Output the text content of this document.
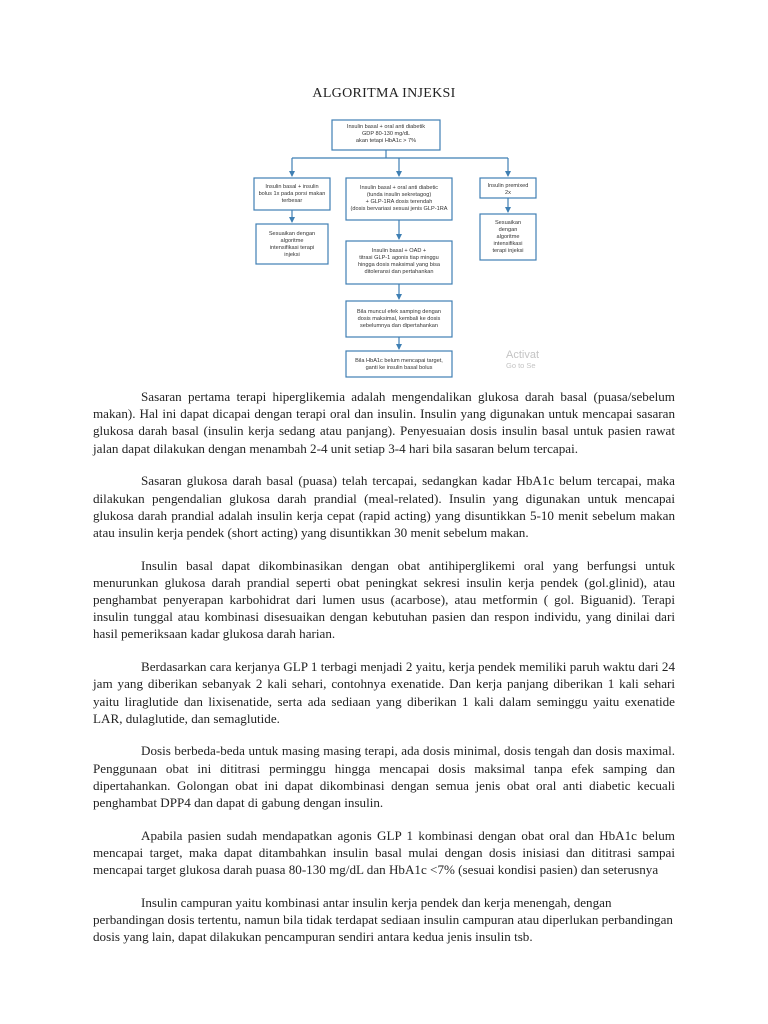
ALGORITMA INJEKSI
Insulin basal + oral anti diabetik
GDP 80-130 mg/dL
akan tetapi HbA1c > 7%
Insulin basal + insulin
bolus 1x pada porsi makan
terbesar
Insulin basal + oral anti diabetic
(tunda insulin sekretagog)
+ GLP-1RA dosis terendah
(dosis bervariasi sesuai jenis GLP-1RA
Insulin premixed
2x
Sesuaikan dengan
algoritme
intensifikasi terapi
injeksi
Sesuaikan
dengan
algoritme
intensifikasi
terapi injeksi
Insulin basal + OAD +
titrasi GLP-1 agonis tiap minggu
hingga dosis maksimal yang bisa
ditoleransi dan pertahankan
Bila muncul efek samping dengan
dosis maksimal, kembali ke dosis
sebelumnya dan dipertahankan
Bila HbA1c belum mencapai target,
ganti ke insulin basal bolus
Activat
Go to Se

Sasaran pertama terapi hiperglikemia adalah mengendalikan glukosa darah basal (puasa/sebelum makan). Hal ini dapat dicapai dengan terapi oral dan insulin. Insulin yang digunakan untuk mencapai sasaran glukosa darah basal (insulin kerja sedang atau panjang). Penyesuaian dosis insulin basal untuk pasien rawat jalan dapat dilakukan dengan menambah 2-4 unit setiap 3-4 hari bila sasaran belum tercapai.

Sasaran glukosa darah basal (puasa) telah tercapai, sedangkan kadar HbA1c belum tercapai, maka dilakukan pengendalian glukosa darah prandial (meal-related). Insulin yang digunakan untuk mencapai glukosa darah prandial adalah insulin kerja cepat (rapid acting) yang disuntikkan 5-10 menit sebelum makan atau insulin kerja pendek (short acting) yang disuntikkan 30 menit sebelum makan.

Insulin basal dapat dikombinasikan dengan obat antihiperglikemi oral yang berfungsi untuk menurunkan glukosa darah prandial seperti obat peningkat sekresi insulin kerja pendek (gol.glinid), atau penghambat penyerapan karbohidrat dari lumen usus (acarbose), atau metformin ( gol. Biguanid). Terapi insulin tunggal atau kombinasi disesuaikan dengan kebutuhan pasien dan respon individu, yang dinilai dari hasil pemeriksaan kadar glukosa darah harian.

Berdasarkan cara kerjanya GLP 1 terbagi menjadi 2 yaitu, kerja pendek memiliki paruh waktu dari 24 jam yang diberikan sebanyak 2 kali sehari, contohnya exenatide. Dan kerja panjang diberikan 1 kali sehari yaitu liraglutide dan lixisenatide, serta ada sediaan yang diberikan 1 kali dalam seminggu yaitu exenatide LAR, dulaglutide, dan semaglutide.

Dosis berbeda-beda untuk masing masing terapi, ada dosis minimal, dosis tengah dan dosis maximal. Penggunaan obat ini dititrasi perminggu hingga mencapai dosis maksimal tanpa efek samping dan dipertahankan. Golongan obat ini dapat dikombinasi dengan semua jenis obat oral anti diabetic kecuali penghambat DPP4 dan dapat di gabung dengan insulin.

Apabila pasien sudah mendapatkan agonis GLP 1 kombinasi dengan obat oral dan HbA1c belum mencapai target, maka dapat ditambahkan insulin basal mulai dengan dosis inisiasi dan dititrasi sampai mencapai target glukosa darah puasa 80-130 mg/dL dan HbA1c <7% (sesuai kondisi pasien) dan seterusnya

Insulin campuran yaitu kombinasi antar insulin kerja pendek dan kerja menengah, dengan perbandingan dosis tertentu, namun bila tidak terdapat sediaan insulin campuran atau diperlukan perbandingan dosis yang lain, dapat dilakukan pencampuran sendiri antara kedua jenis insulin tsb.
